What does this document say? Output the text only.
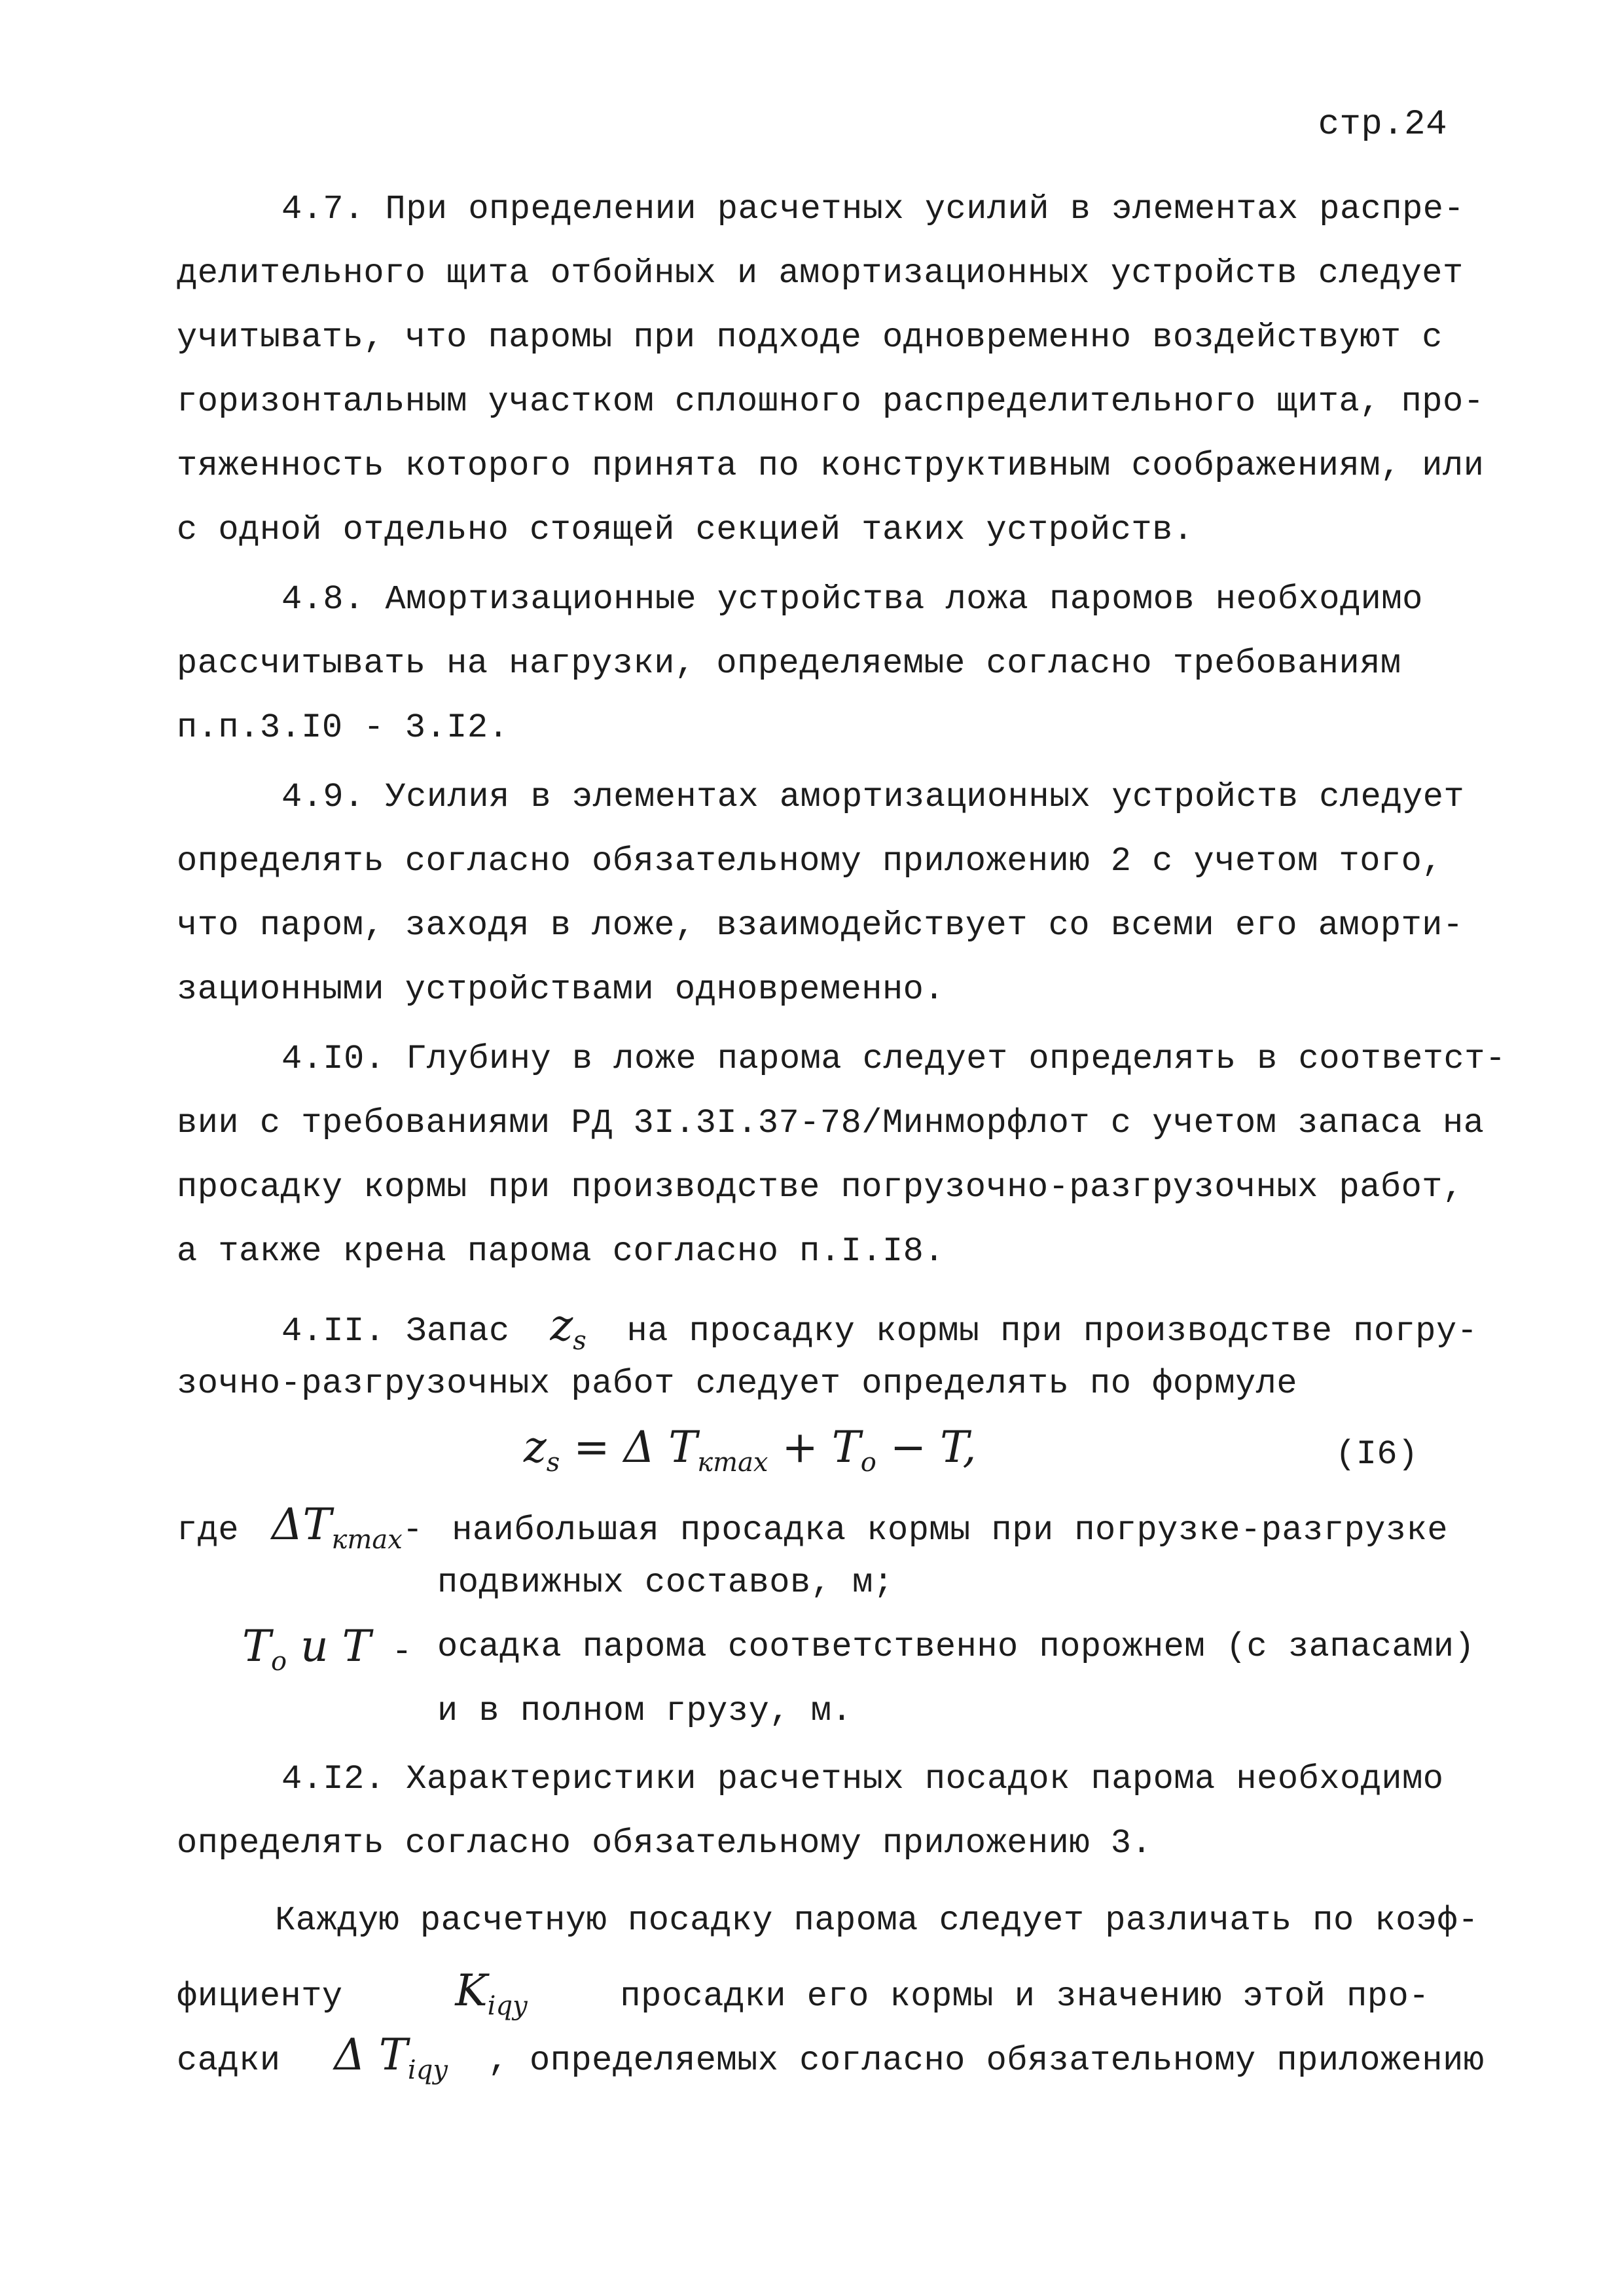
стр.24
4.7. При определении расчетных усилий в элементах распре-
делительного щита отбойных и амортизационных устройств следует
учитывать, что паромы при подходе одновременно воздействуют с
горизонтальным участком сплошного распределительного щита, про-
тяженность которого принята по конструктивным соображениям, или
с одной отдельно стоящей секцией таких устройств.
4.8. Амортизационные устройства ложа паромов необходимо
рассчитывать на нагрузки, определяемые согласно требованиям
п.п.3.I0 - 3.I2.
4.9. Усилия в элементах амортизационных устройств следует
определять согласно обязательному приложению 2 с учетом того,
что паром, заходя в ложе, взаимодействует со всеми его аморти-
зационными устройствами одновременно.
4.I0. Глубину в ложе парома следует определять в соответст-
вии с требованиями РД 3I.3I.37-78/Минморфлот с учетом запаса на
просадку кормы при производстве погрузочно-разгрузочных работ,
а также крена парома согласно п.I.I8.
4.II. Запас $z_s$ на просадку кормы при производстве погру-
зочно-разгрузочных работ следует определять по формуле
$z_s = \Delta$ $T_{кmax} + T_o - T$,	(I6)
где $\Delta T_{кmax}-$ наибольшая просадка кормы при погрузке-разгрузке
подвижных составов, м;
$T_o$ и T - осадка парома соответственно порожнем (с запасами)
и в полном грузу, м.
4.I2. Характеристики расчетных посадок парома необходимо
определять согласно обязательному приложению 3.
Каждую расчетную посадку парома следует различать по коэф-
фициенту	$K_{iqy}$	просадки его кормы и значению этой про-
садки Δ $T_{iqy}$ , определяемых согласно обязательному приложению
